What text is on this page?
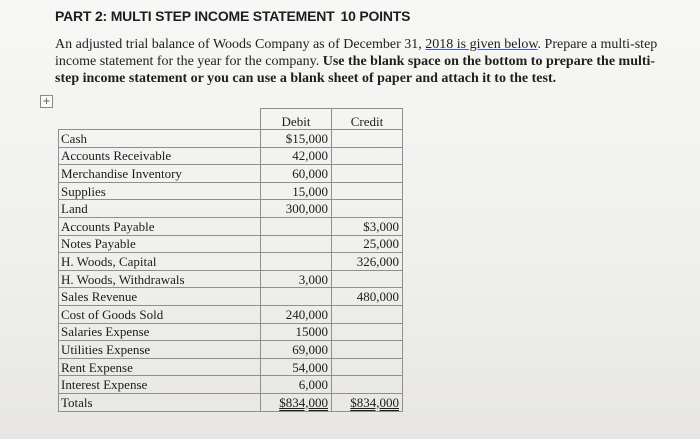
PART 2: MULTI STEP INCOME STATEMENT 10 POINTS
An adjusted trial balance of Woods Company as of December 31, 2018 is given below. Prepare a multi-step income statement for the year for the company. Use the blank space on the bottom to prepare the multi-step income statement or you can use a blank sheet of paper and attach it to the test.
+
	Debit	Credit
Cash	$15,000	
Accounts Receivable	42,000	
Merchandise Inventory	60,000	
Supplies	15,000	
Land	300,000	
Accounts Payable		$3,000
Notes Payable		25,000
H. Woods, Capital		326,000
H. Woods, Withdrawals	3,000	
Sales Revenue		480,000
Cost of Goods Sold	240,000	
Salaries Expense	15000	
Utilities Expense	69,000	
Rent Expense	54,000	
Interest Expense	6,000	
Totals	$834,000	$834,000
